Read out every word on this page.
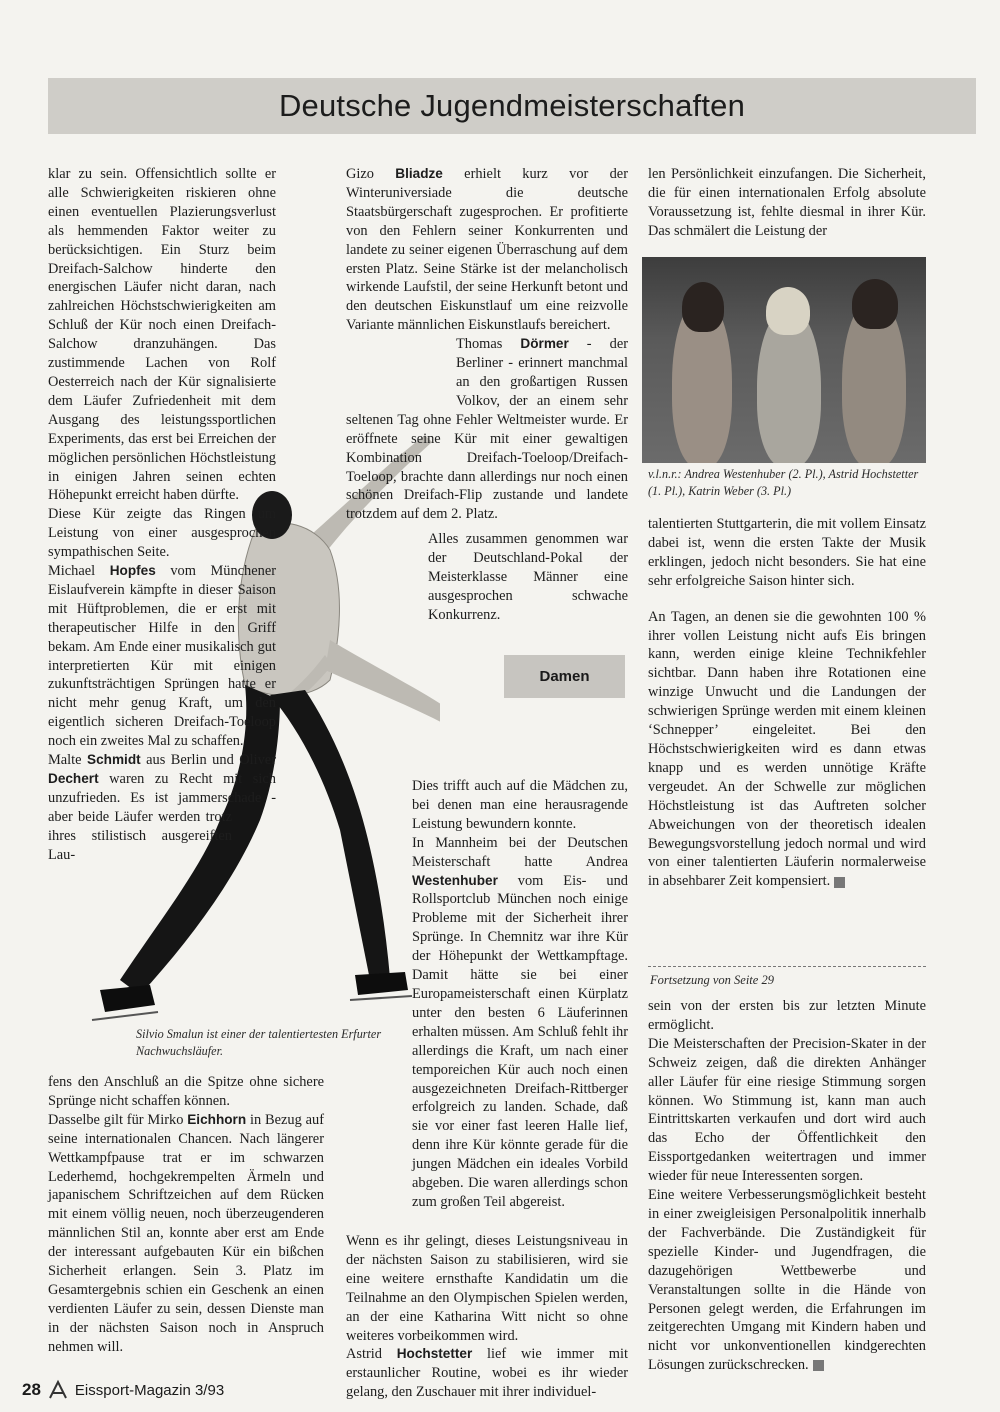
Deutsche Jugendmeisterschaften
Silvio Smalun ist einer der talentiertesten Erfurter Nachwuchsläufer.

klar zu sein. Offensichtlich sollte er alle Schwierigkeiten riskieren ohne einen eventuellen Plazierungsverlust als hemmenden Faktor weiter zu berücksichtigen. Ein Sturz beim Dreifach-Salchow hinderte den energischen Läufer nicht daran, nach zahlreichen Höchstschwierigkeiten am Schluß der Kür noch einen Dreifach-Salchow dranzuhängen. Das zustimmende Lachen von Rolf Oesterreich nach der Kür signalisierte dem Läufer Zufriedenheit mit dem Ausgang des leistungssportlichen Experiments, das erst bei Erreichen der möglichen persönlichen Höchstleistung in einigen Jahren seinen echten Höhepunkt erreicht haben dürfte.

Diese Kür zeigte das Ringen um Leistung von einer ausgesprochen sympathischen Seite.

Michael Hopfes vom Münchener Eislaufverein kämpfte in dieser Saison mit Hüftproblemen, die er erst mit therapeutischer Hilfe in den Griff bekam. Am Ende einer musikalisch gut interpretierten Kür mit einigen zukunftsträchtigen Sprüngen hatte er nicht mehr genug Kraft, um den eigentlich sicheren Dreifach-Toeloop noch ein zweites Mal zu schaffen.

Malte Schmidt aus Berlin und Oliver Dechert waren zu Recht mit sich unzufrieden. Es ist jammerschade - aber beide Läufer werden trotz ihres stilistisch ausgereiften Lau-

fens den Anschluß an die Spitze ohne sichere Sprünge nicht schaffen können.

Dasselbe gilt für Mirko Eichhorn in Bezug auf seine internationalen Chancen. Nach längerer Wettkampfpause trat er im schwarzen Lederhemd, hochgekrempelten Ärmeln und japanischem Schriftzeichen auf dem Rücken mit einem völlig neuen, noch überzeugenderen männlichen Stil an, konnte aber erst am Ende der interessant aufgebauten Kür ein bißchen Sicherheit erlangen. Sein 3. Platz im Gesamtergebnis schien ein Geschenk an einen verdienten Läufer zu sein, dessen Dienste man in der nächsten Saison noch in Anspruch nehmen will.

Gizo Bliadze erhielt kurz vor der Winteruniversiade die deutsche Staatsbürgerschaft zugesprochen. Er profitierte von den Fehlern seiner Konkurrenten und landete zu seiner eigenen Überraschung auf dem ersten Platz. Seine Stärke ist der melancholisch wirkende Laufstil, der seine Herkunft betont und den deutschen Eiskunstlauf um eine reizvolle Variante männlichen Eiskunstlaufs bereichert.

Thomas Dörmer - der Berliner - erinnert manchmal an den großartigen Russen Volkov, der an einem sehr seltenen Tag ohne Fehler Weltmeister wurde. Er eröffnete seine Kür mit einer gewaltigen Kombination Dreifach-Toeloop/Dreifach-Toeloop, brachte dann allerdings nur noch einen schönen Dreifach-Flip zustande und landete trotzdem auf dem 2. Platz.

Alles zusammen genommen war der Deutschland-Pokal der Meisterklasse Männer eine ausgesprochen schwache Konkurrenz.

Damen

Dies trifft auch auf die Mädchen zu, bei denen man eine herausragende Leistung bewundern konnte.

In Mannheim bei der Deutschen Meisterschaft hatte Andrea Westenhuber vom Eis- und Rollsportclub München noch einige Probleme mit der Sicherheit ihrer Sprünge. In Chemnitz war ihre Kür der Höhepunkt der Wettkampftage. Damit hätte sie bei einer Europameisterschaft einen Kürplatz unter den besten 6 Läuferinnen erhalten müssen. Am Schluß fehlt ihr allerdings die Kraft, um nach einer temporeichen Kür auch noch einen ausgezeichneten Dreifach-Rittberger erfolgreich zu landen. Schade, daß sie vor einer fast leeren Halle lief, denn ihre Kür könnte gerade für die jungen Mädchen ein ideales Vorbild abgeben. Die waren allerdings schon zum großen Teil abgereist.

Wenn es ihr gelingt, dieses Leistungsniveau in der nächsten Saison zu stabilisieren, wird sie eine weitere ernsthafte Kandidatin um die Teilnahme an den Olympischen Spielen werden, an der eine Katharina Witt nicht so ohne weiteres vorbeikommen wird.

Astrid Hochstetter lief wie immer mit erstaunlicher Routine, wobei es ihr wieder gelang, den Zuschauer mit ihrer individuel-

len Persönlichkeit einzufangen. Die Sicherheit, die für einen internationalen Erfolg absolute Voraussetzung ist, fehlte diesmal in ihrer Kür. Das schmälert die Leistung der

v.l.n.r.: Andrea Westenhuber (2. Pl.), Astrid Hochstetter (1. Pl.), Katrin Weber (3. Pl.)

talentierten Stuttgarterin, die mit vollem Einsatz dabei ist, wenn die ersten Takte der Musik erklingen, jedoch nicht besonders. Sie hat eine sehr erfolgreiche Saison hinter sich.

An Tagen, an denen sie die gewohnten 100 % ihrer vollen Leistung nicht aufs Eis bringen kann, werden einige kleine Technikfehler sichtbar. Dann haben ihre Rotationen eine winzige Unwucht und die Landungen der schwierigen Sprünge werden mit einem kleinen ‘Schnepper’ eingeleitet. Bei den Höchstschwierigkeiten wird es dann etwas knapp und es werden unnötige Kräfte vergeudet. An der Schwelle zur möglichen Höchstleistung ist das Auftreten solcher Abweichungen von der theoretisch idealen Bewegungsvorstellung jedoch normal und wird von einer talentierten Läuferin normalerweise in absehbarer Zeit kompensiert.

Fortsetzung von Seite 29

sein von der ersten bis zur letzten Minute ermöglicht.

Die Meisterschaften der Precision-Skater in der Schweiz zeigen, daß die direkten Anhänger aller Läufer für eine riesige Stimmung sorgen können. Wo Stimmung ist, kann man auch Eintrittskarten verkaufen und dort wird auch das Echo der Öffentlichkeit den Eissportgedanken weitertragen und immer wieder für neue Interessenten sorgen.

Eine weitere Verbesserungsmöglichkeit besteht in einer zweigleisigen Personalpolitik innerhalb der Fachverbände. Die Zuständigkeit für spezielle Kinder- und Jugendfragen, die dazugehörigen Wettbewerbe und Veranstaltungen sollte in die Hände von Personen gelegt werden, die Erfahrungen im zeitgerechten Umgang mit Kindern haben und nicht vor unkonventionellen kindgerechten Lösungen zurückschrecken.

28 Eissport-Magazin 3/93
